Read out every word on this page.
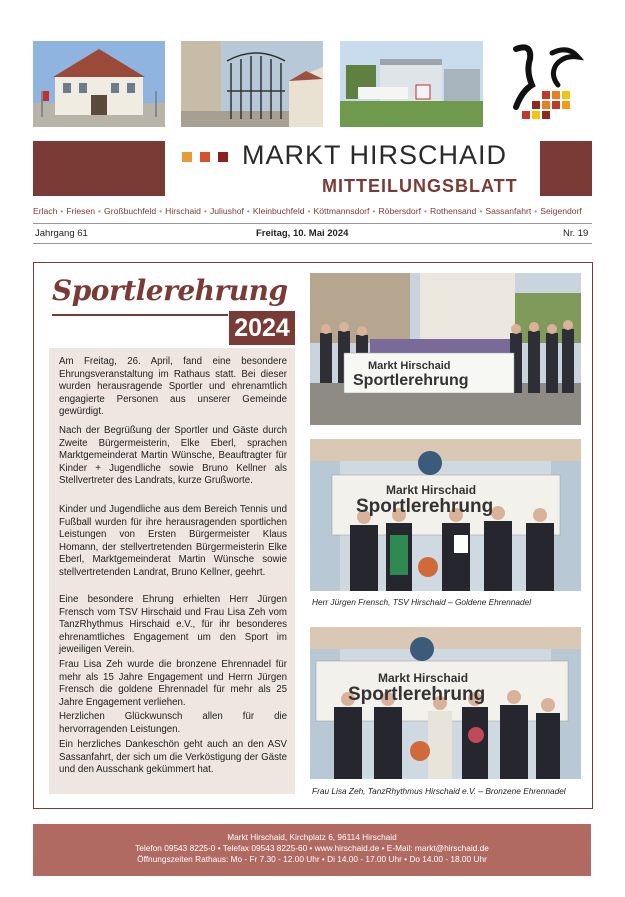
MARKT HIRSCHAID
MITTEILUNGSBLATT
Erlach • Friesen • Großbuchfeld • Hirschaid • Juliushof • Kleinbuchfeld • Köttmannsdorf • Röbersdorf • Rothensand • Sassanfahrt • Seigendorf
Jahrgang 61	Freitag, 10. Mai 2024	Nr. 19
Sportlerehrung
2024
Am Freitag, 26. April, fand eine besondere Ehrungsveranstaltung im Rathaus statt. Bei dieser wurden herausragende Sportler und ehrenamtlich engagierte Personen aus unserer Gemeinde gewürdigt.
Nach der Begrüßung der Sportler und Gäste durch Zweite Bürgermeisterin, Elke Eberl, sprachen Marktgemeinderat Martin Wünsche, Beauftragter für Kinder + Jugendliche sowie Bruno Kellner als Stellvertreter des Landrats, kurze Grußworte.
Kinder und Jugendliche aus dem Bereich Tennis und Fußball wurden für ihre herausragenden sportlichen Leistungen von Ersten Bürgermeister Klaus Homann, der stellvertretenden Bürgermeisterin Elke Eberl, Marktgemeinderat Martin Wünsche sowie stellvertretenden Landrat, Bruno Kellner, geehrt.
Eine besondere Ehrung erhielten Herr Jürgen Frensch vom TSV Hirschaid und Frau Lisa Zeh vom TanzRhythmus Hirschaid e.V., für ihr besonderes ehrenamtliches Engagement um den Sport im jeweiligen Verein.
Frau Lisa Zeh wurde die bronzene Ehrennadel für mehr als 15 Jahre Engagement und Herrn Jürgen Frensch die goldene Ehrennadel für mehr als 25 Jahre Engagement verliehen.
Herzlichen Glückwunsch allen für die hervorragenden Leistungen.
Ein herzliches Dankeschön geht auch an den ASV Sassanfahrt, der sich um die Verköstigung der Gäste und den Ausschank gekümmert hat.
Markt Hirschaid
Sportlerehrung
Markt Hirschaid
Sportlerehrung
Herr Jürgen Frensch, TSV Hirschaid – Goldene Ehrennadel
Markt Hirschaid
Sportlerehrung
Frau Lisa Zeh, TanzRhythmus Hirschaid e.V. – Bronzene Ehrennadel
Markt Hirschaid, Kirchplatz 6, 96114 Hirschaid
Telefon 09543 8225-0 • Telefax 09543 8225-60 • www.hirschaid.de • E-Mail: markt@hirschaid.de
Öffnungszeiten Rathaus: Mo - Fr 7.30 - 12.00 Uhr • Di 14.00 - 17.00 Uhr • Do 14.00 - 18.00 Uhr
